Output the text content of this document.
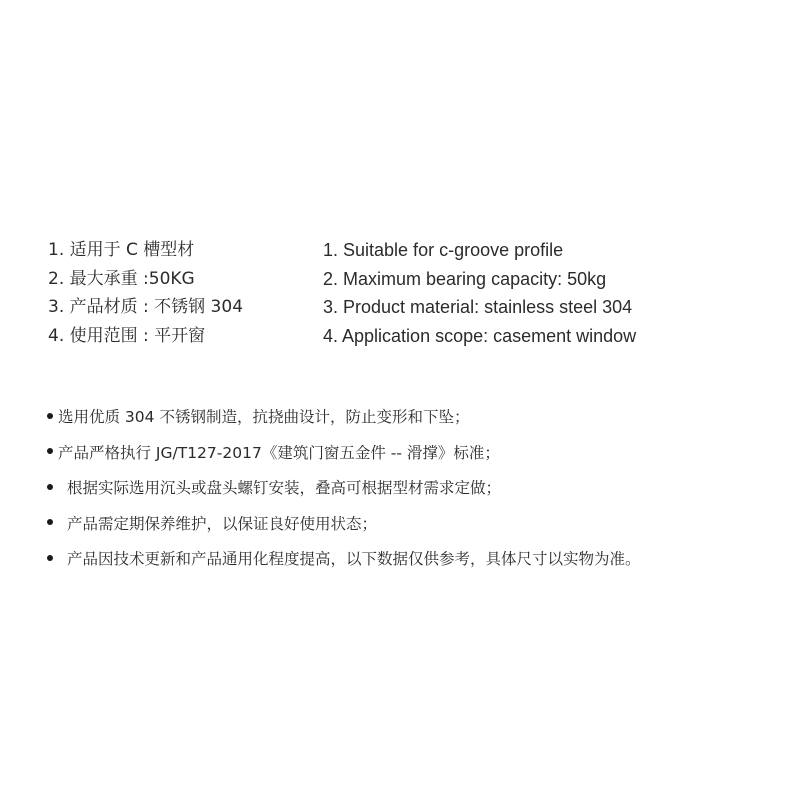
1. 适用于 C 槽型材
2. 最大承重 :50KG
3. 产品材质 : 不锈钢 304
4. 使用范围 : 平开窗
1. Suitable for c-groove profile
2. Maximum bearing capacity: 50kg
3. Product material: stainless steel 304
4. Application scope: casement window
选用优质 304 不锈钢制造，抗挠曲设计，防止变形和下坠；
产品严格执行 JG/T127-2017《建筑门窗五金件 -- 滑撑》标准；
根据实际选用沉头或盘头螺钉安装，叠高可根据型材需求定做；
产品需定期保养维护，以保证良好使用状态；
产品因技术更新和产品通用化程度提高，以下数据仅供参考，具体尺寸以实物为准。
